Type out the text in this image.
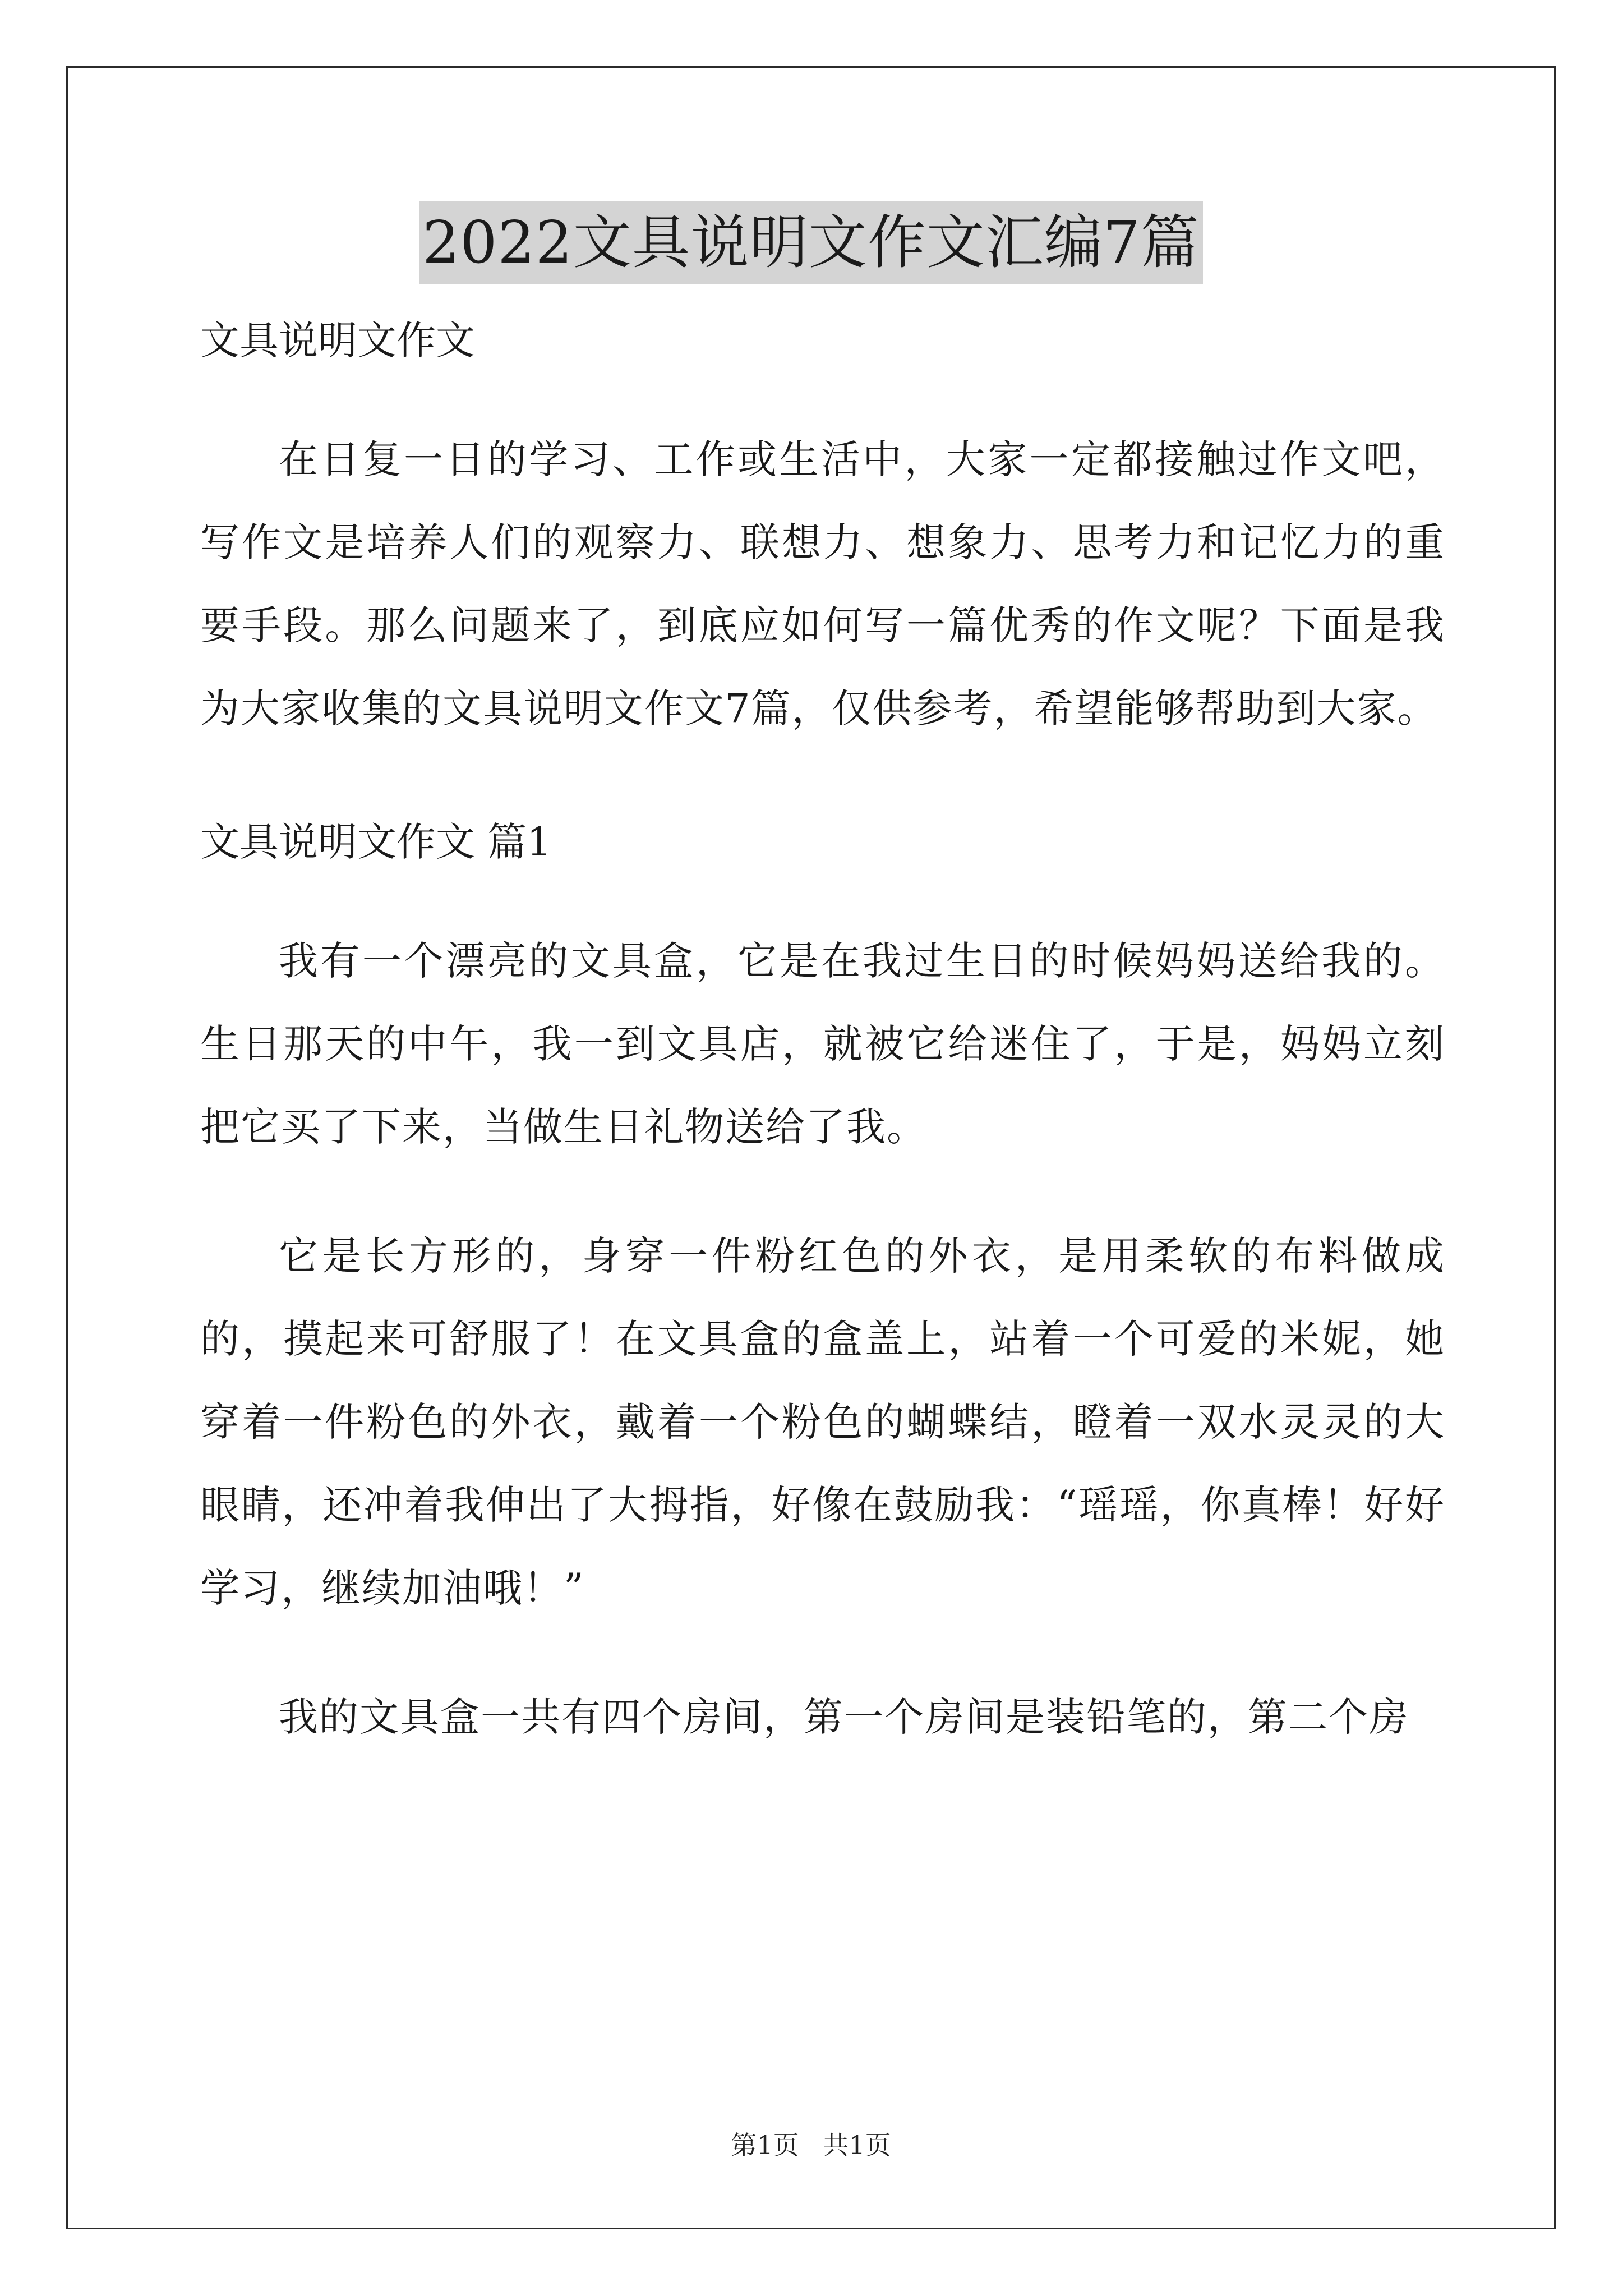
2022文具说明文作文汇编7篇

文具说明文作文

在日复一日的学习、工作或生活中，大家一定都接触过作文吧，写作文是培养人们的观察力、联想力、想象力、思考力和记忆力的重要手段。那么问题来了，到底应如何写一篇优秀的作文呢？下面是我为大家收集的文具说明文作文7篇，仅供参考，希望能够帮助到大家。

文具说明文作文 篇1

我有一个漂亮的文具盒，它是在我过生日的时候妈妈送给我的。生日那天的中午，我一到文具店，就被它给迷住了，于是，妈妈立刻把它买了下来，当做生日礼物送给了我。

它是长方形的，身穿一件粉红色的外衣，是用柔软的布料做成的，摸起来可舒服了！在文具盒的盒盖上，站着一个可爱的米妮，她穿着一件粉色的外衣，戴着一个粉色的蝴蝶结，瞪着一双水灵灵的大眼睛，还冲着我伸出了大拇指，好像在鼓励我：“瑶瑶，你真棒！好好学习，继续加油哦！”

我的文具盒一共有四个房间，第一个房间是装铅笔的，第二个房

第1页 共1页
